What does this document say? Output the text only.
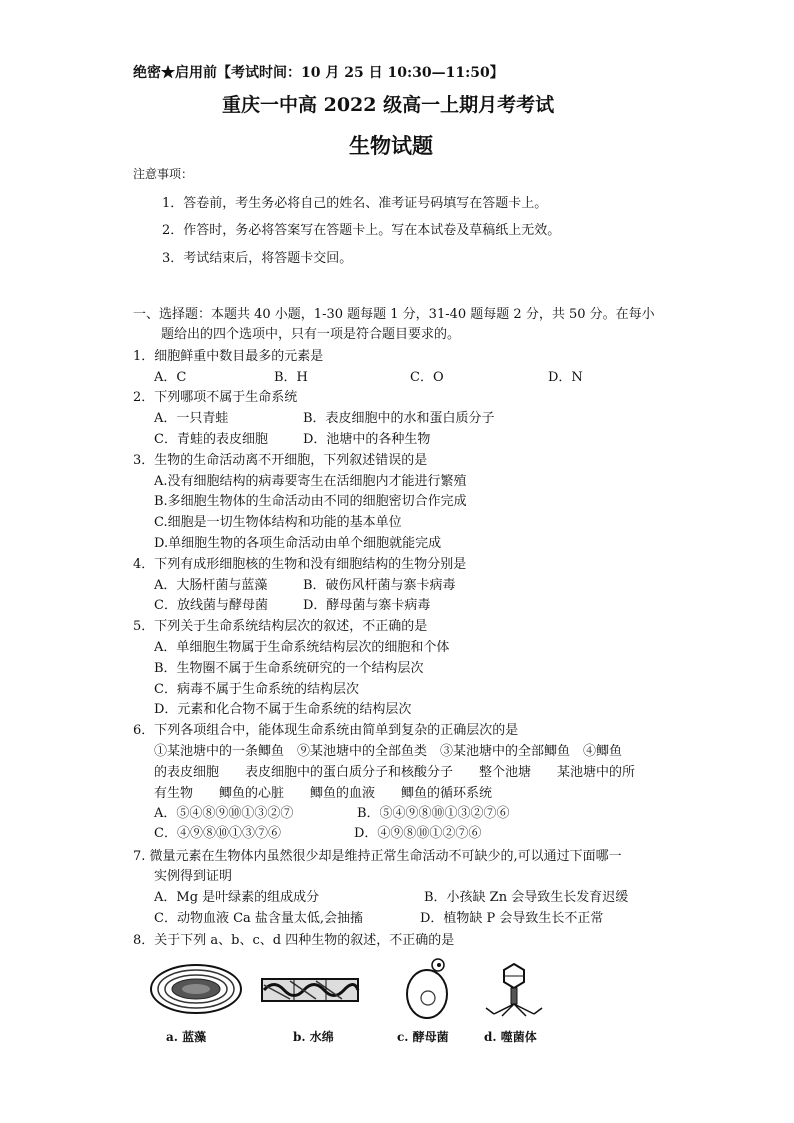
绝密★启用前【考试时间：10 月 25 日 10:30—11:50】
重庆一中高 2022 级高一上期月考考试
生物试题
注意事项：
1．答卷前，考生务必将自己的姓名、准考证号码填写在答题卡上。
2．作答时，务必将答案写在答题卡上。写在本试卷及草稿纸上无效。
3．考试结束后，将答题卡交回。
一、选择题：本题共 40 小题，1-30 题每题 1 分，31-40 题每题 2 分，共 50 分。在每小
题给出的四个选项中，只有一项是符合题目要求的。
1．细胞鲜重中数目最多的元素是
A．C	B．H	C．O	D．N
2．下列哪项不属于生命系统
A．一只青蛙	B．表皮细胞中的水和蛋白质分子
C．青蛙的表皮细胞	D．池塘中的各种生物
3．生物的生命活动离不开细胞，下列叙述错误的是
A.没有细胞结构的病毒要寄生在活细胞内才能进行繁殖
B.多细胞生物体的生命活动由不同的细胞密切合作完成
C.细胞是一切生物体结构和功能的基本单位
D.单细胞生物的各项生命活动由单个细胞就能完成
4．下列有成形细胞核的生物和没有细胞结构的生物分别是
A．大肠杆菌与蓝藻	B．破伤风杆菌与寨卡病毒
C．放线菌与酵母菌	D．酵母菌与寨卡病毒
5．下列关于生命系统结构层次的叙述，不正确的是
A．单细胞生物属于生命系统结构层次的细胞和个体
B．生物圈不属于生命系统研究的一个结构层次
C．病毒不属于生命系统的结构层次
D．元素和化合物不属于生命系统的结构层次
6．下列各项组合中，能体现生命系统由简单到复杂的正确层次的是
①某池塘中的一条鲫鱼　⑨某池塘中的全部鱼类　③某池塘中的全部鲫鱼　④鲫鱼
的表皮细胞　　表皮细胞中的蛋白质分子和核酸分子　　整个池塘　　某池塘中的所
有生物　　鲫鱼的心脏　　鲫鱼的血液　　鲫鱼的循环系统
A．⑤④⑧⑨⑩①③②⑦	B．⑤④⑨⑧⑩①③②⑦⑥
C．④⑨⑧⑩①③⑦⑥	D．④⑨⑧⑩①②⑦⑥
7. 微量元素在生物体内虽然很少却是维持正常生命活动不可缺少的,可以通过下面哪一
实例得到证明
A．Mg 是叶绿素的组成成分	B．小孩缺 Zn 会导致生长发育迟缓
C．动物血液 Ca 盐含量太低,会抽搐	D．植物缺 P 会导致生长不正常
8．关于下列 a、b、c、d 四种生物的叙述，不正确的是
a. 蓝藻	b. 水绵	c. 酵母菌	d. 噬菌体
